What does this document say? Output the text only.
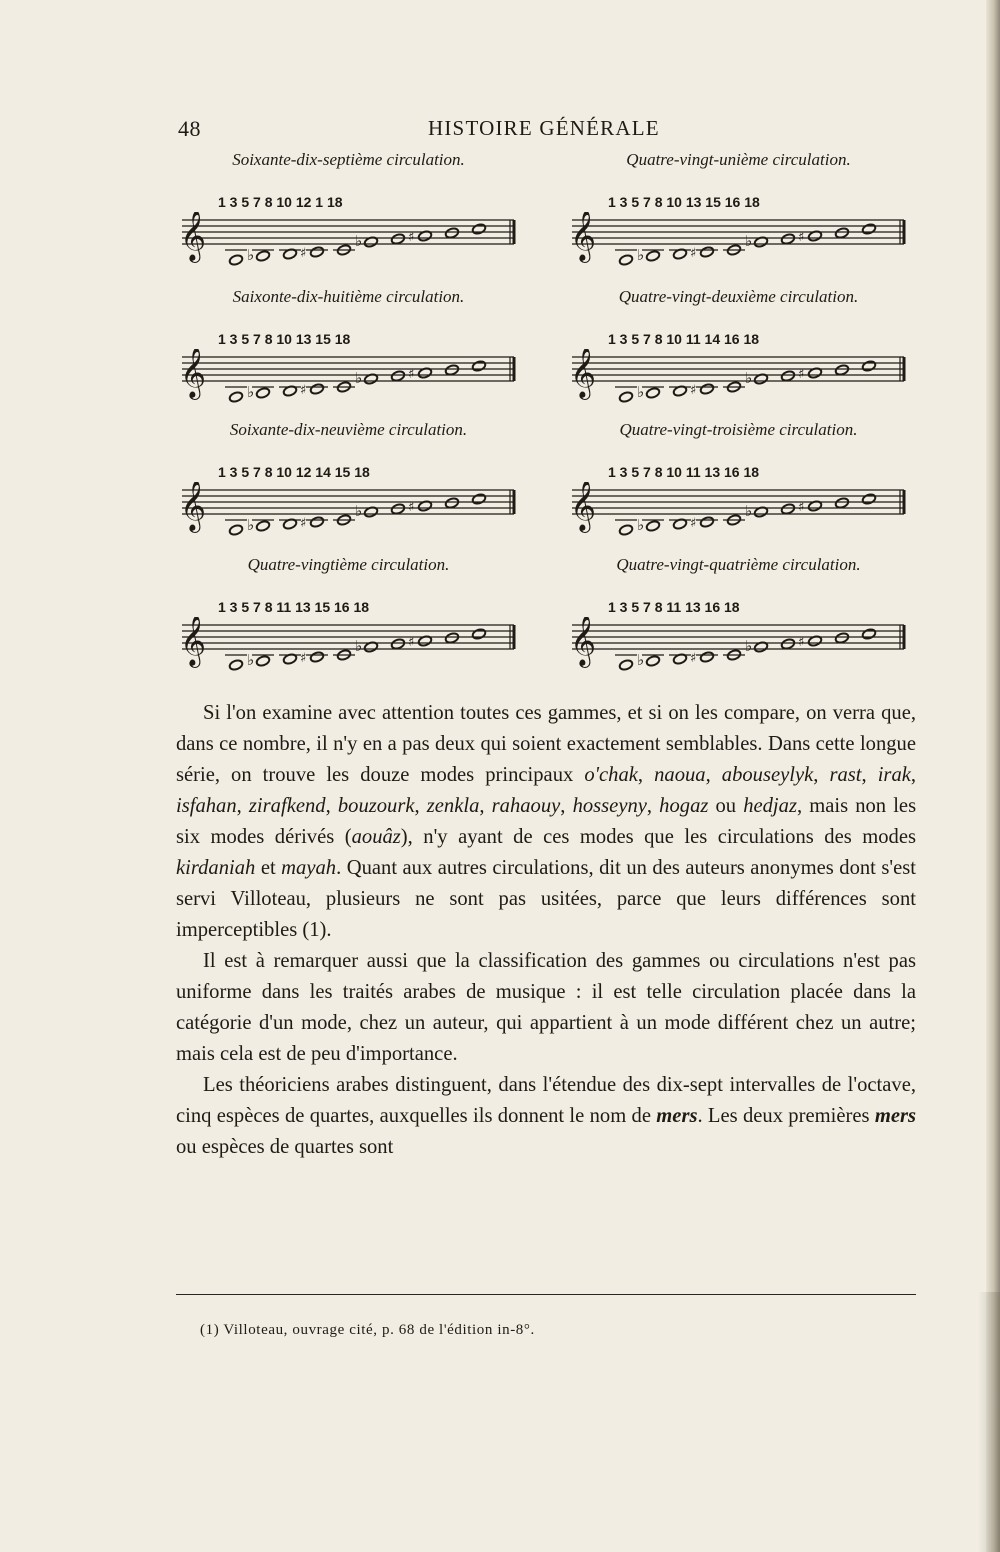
48	HISTOIRE GÉNÉRALE
Soixante-dix-septième circulation.
1 3 5 7 8 10 12 1 18
𝄞	♭	♯
♭	♯
Quatre-vingt-unième circulation.
1 3 5 7 8 10 13 15 16 18
𝄞	♭	♯
♭	♯
Saixonte-dix-huitième circulation.
1 3 5 7 8 10 13 15 18
𝄞	♭	♯
♭	♯
Quatre-vingt-deuxième circulation.
1 3 5 7 8 10 11 14 16 18
𝄞	♭	♯
♭	♯
Soixante-dix-neuvième circulation.
1 3 5 7 8 10 12 14 15 18
𝄞	♭	♯
♭	♯
Quatre-vingt-troisième circulation.
1 3 5 7 8 10 11 13 16 18
𝄞	♭	♯
♭	♯
Quatre-vingtième circulation.
1 3 5 7 8 11 13 15 16 18
𝄞	♭	♯
♭	♯
Quatre-vingt-quatrième circulation.
1 3 5 7 8 11 13 16 18
𝄞	♭	♯
♭	♯

Si l'on examine avec attention toutes ces gammes, et si on les compare, on verra que, dans ce nombre, il n'y en a pas deux qui soient exactement semblables. Dans cette longue série, on trouve les douze modes principaux o'chak, naoua, abouseylyk, rast, irak, isfahan, zirafkend, bouzourk, zenkla, rahaouy, hosseyny, hogaz ou hedjaz, mais non les six modes dérivés (aouâz), n'y ayant de ces modes que les circulations des modes kirdaniah et mayah. Quant aux autres circulations, dit un des auteurs anonymes dont s'est servi Villoteau, plusieurs ne sont pas usitées, parce que leurs différences sont imperceptibles (1).

Il est à remarquer aussi que la classification des gammes ou circulations n'est pas uniforme dans les traités arabes de musique : il est telle circulation placée dans la catégorie d'un mode, chez un auteur, qui appartient à un mode différent chez un autre; mais cela est de peu d'importance.

Les théoriciens arabes distinguent, dans l'étendue des dix-sept intervalles de l'octave, cinq espèces de quartes, auxquelles ils donnent le nom de mers. Les deux premières mers ou espèces de quartes sont

(1) Villoteau, ouvrage cité, p. 68 de l'édition in-8°.
